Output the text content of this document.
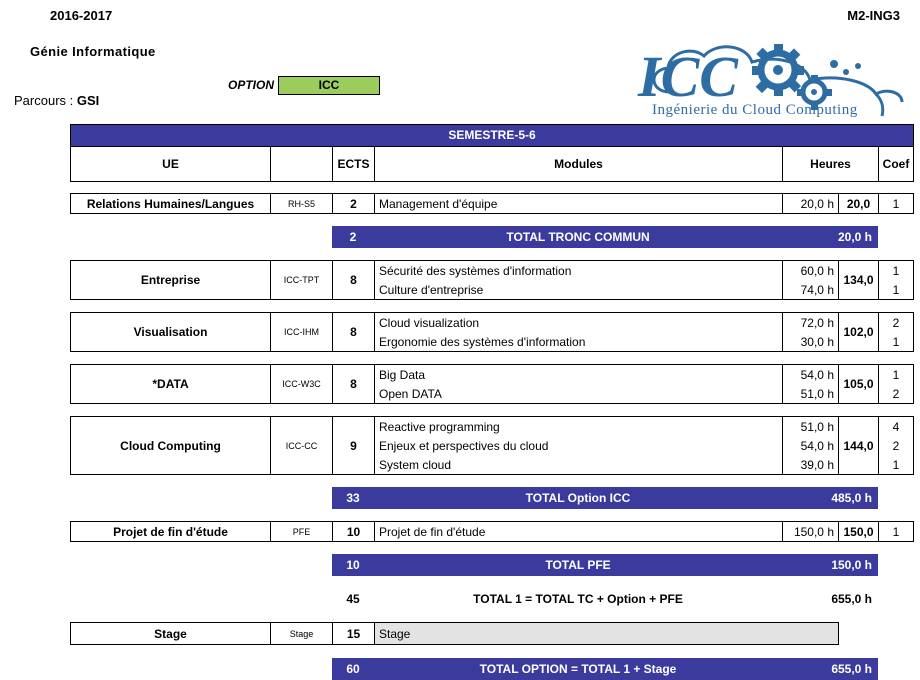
2016-2017	M2-ING3
Génie Informatique
Parcours : GSI
OPTION	ICC	ICC
Ingénierie du Cloud Computing
SEMESTRE-5-6
UE		ECTS	Modules	Heures	Coef
Relations Humaines/Langues	RH-S5	2	Management d'équipe	20,0 h	20,0	1
		2	TOTAL TRONC COMMUN	20,0 h	
Entreprise	ICC-TPT	8	Sécurité des systèmes d'information	60,0 h	134,0	1
			Culture d'entreprise	74,0 h		1
Visualisation	ICC-IHM	8	Cloud visualization	72,0 h	102,0	2
			Ergonomie des systèmes d'information	30,0 h		1
*DATA	ICC-W3C	8	Big Data	54,0 h	105,0	1
			Open DATA	51,0 h		2
Cloud Computing	ICC-CC	9	Reactive programming	51,0 h	144,0	4
			Enjeux et perspectives du cloud	54,0 h		2
			System cloud	39,0 h		1
		33	TOTAL Option ICC	485,0 h	
Projet de fin d'étude	PFE	10	Projet de fin d'étude	150,0 h	150,0	1
		10	TOTAL PFE	150,0 h	
		45	TOTAL 1 = TOTAL TC + Option + PFE	655,0 h	
Stage	Stage	15	Stage		
		60	TOTAL OPTION = TOTAL 1 + Stage	655,0 h	
